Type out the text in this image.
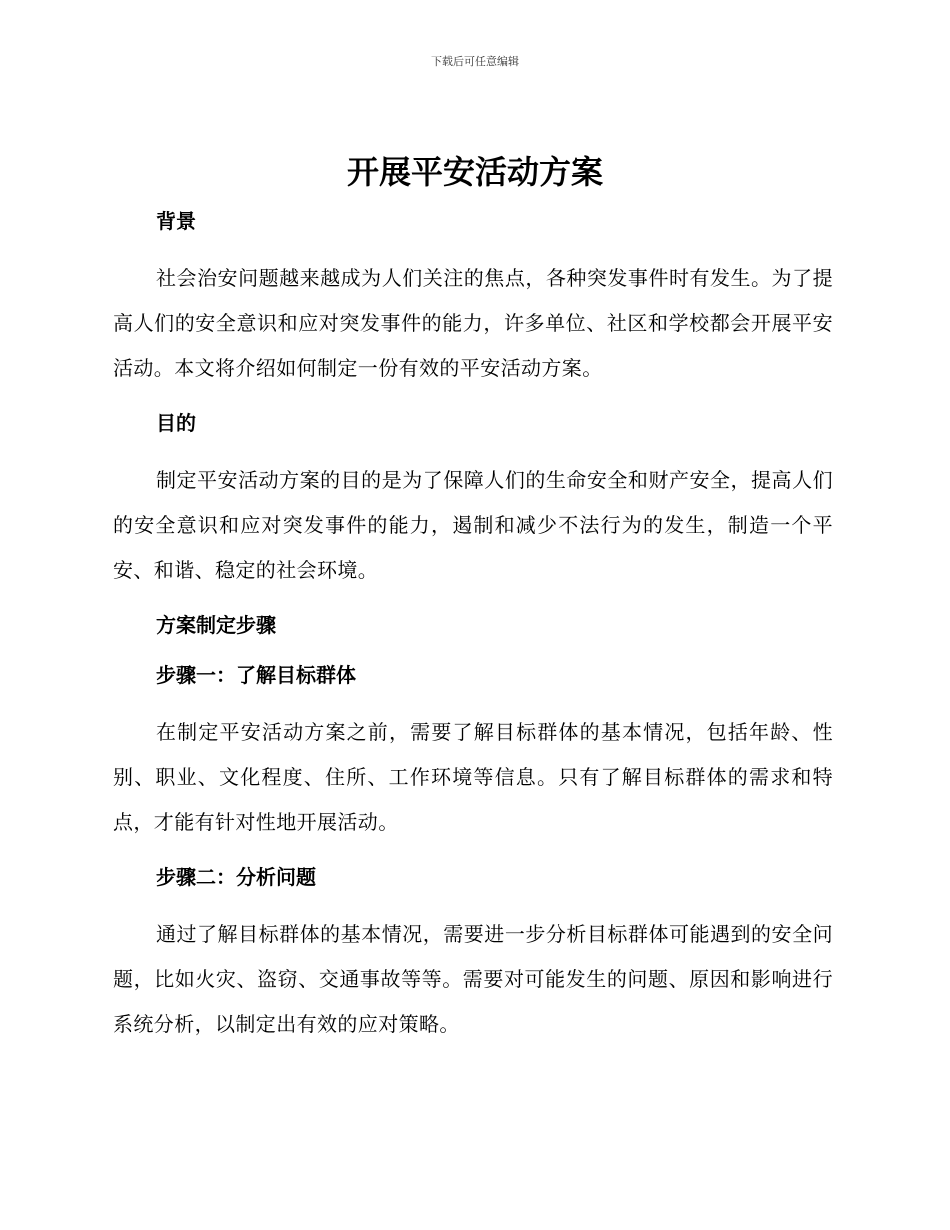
下载后可任意编辑
开展平安活动方案
背景

社会治安问题越来越成为人们关注的焦点，各种突发事件时有发生。为了提高人们的安全意识和应对突发事件的能力，许多单位、社区和学校都会开展平安活动。本文将介绍如何制定一份有效的平安活动方案。

目的

制定平安活动方案的目的是为了保障人们的生命安全和财产安全，提高人们的安全意识和应对突发事件的能力，遏制和减少不法行为的发生，制造一个平安、和谐、稳定的社会环境。

方案制定步骤
步骤一：了解目标群体

在制定平安活动方案之前，需要了解目标群体的基本情况，包括年龄、性别、职业、文化程度、住所、工作环境等信息。只有了解目标群体的需求和特点，才能有针对性地开展活动。

步骤二：分析问题

通过了解目标群体的基本情况，需要进一步分析目标群体可能遇到的安全问题，比如火灾、盗窃、交通事故等等。需要对可能发生的问题、原因和影响进行系统分析，以制定出有效的应对策略。
